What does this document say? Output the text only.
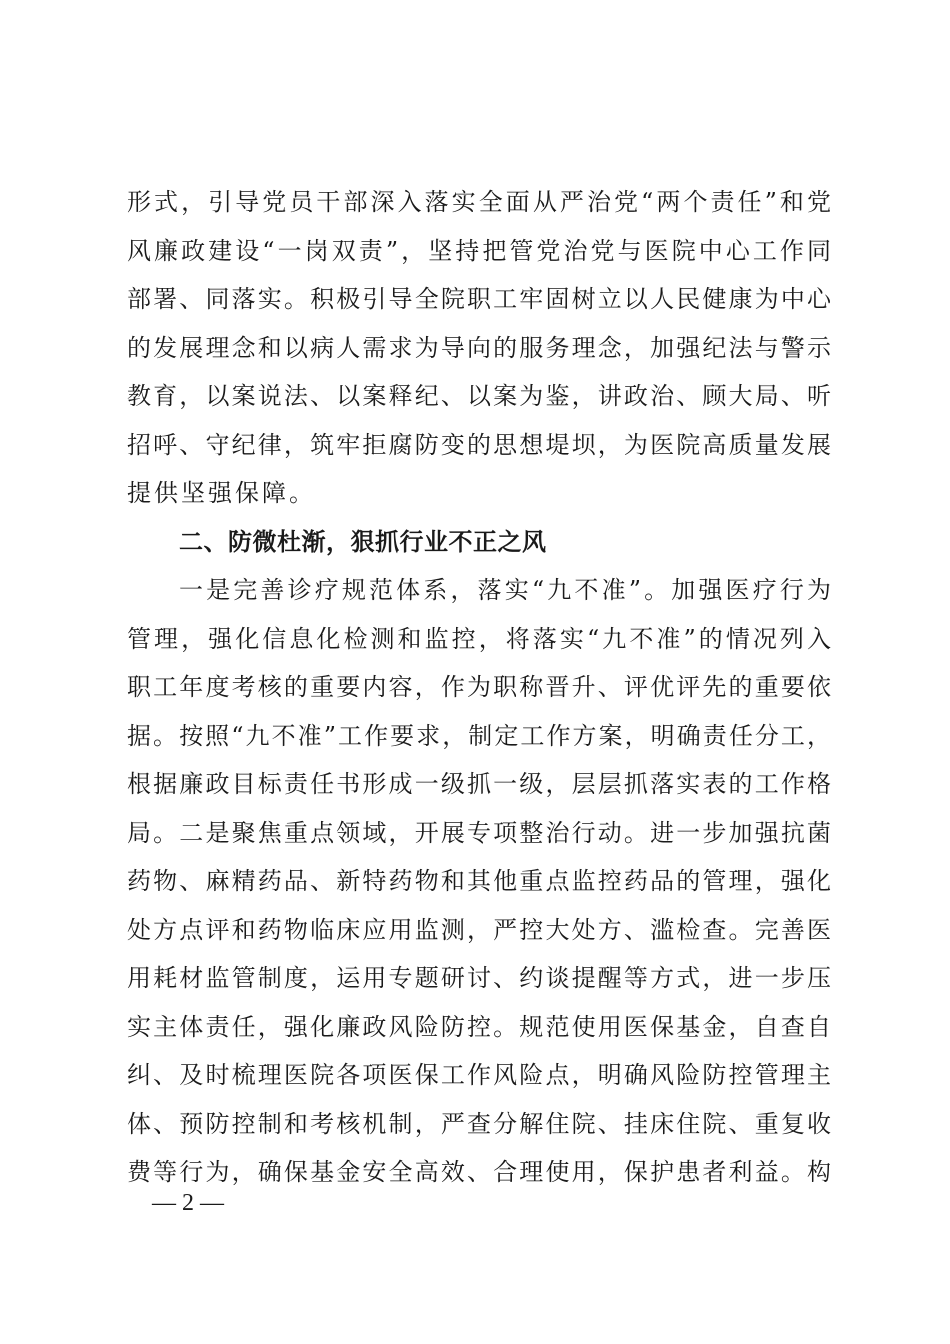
形式，引导党员干部深入落实全面从严治党“两个责任”和党
风廉政建设“一岗双责”，坚持把管党治党与医院中心工作同
部署、同落实。积极引导全院职工牢固树立以人民健康为中心
的发展理念和以病人需求为导向的服务理念，加强纪法与警示
教育，以案说法、以案释纪、以案为鉴，讲政治、顾大局、听
招呼、守纪律，筑牢拒腐防变的思想堤坝，为医院高质量发展
提供坚强保障。
二、防微杜渐，狠抓行业不正之风
一是完善诊疗规范体系，落实“九不准”。加强医疗行为
管理，强化信息化检测和监控，将落实“九不准”的情况列入
职工年度考核的重要内容，作为职称晋升、评优评先的重要依
据。按照“九不准”工作要求，制定工作方案，明确责任分工，
根据廉政目标责任书形成一级抓一级，层层抓落实表的工作格
局。二是聚焦重点领域，开展专项整治行动。进一步加强抗菌
药物、麻精药品、新特药物和其他重点监控药品的管理，强化
处方点评和药物临床应用监测，严控大处方、滥检查。完善医
用耗材监管制度，运用专题研讨、约谈提醒等方式，进一步压
实主体责任，强化廉政风险防控。规范使用医保基金，自查自
纠、及时梳理医院各项医保工作风险点，明确风险防控管理主
体、预防控制和考核机制，严查分解住院、挂床住院、重复收
费等行为，确保基金安全高效、合理使用，保护患者利益。构
— 2 —
